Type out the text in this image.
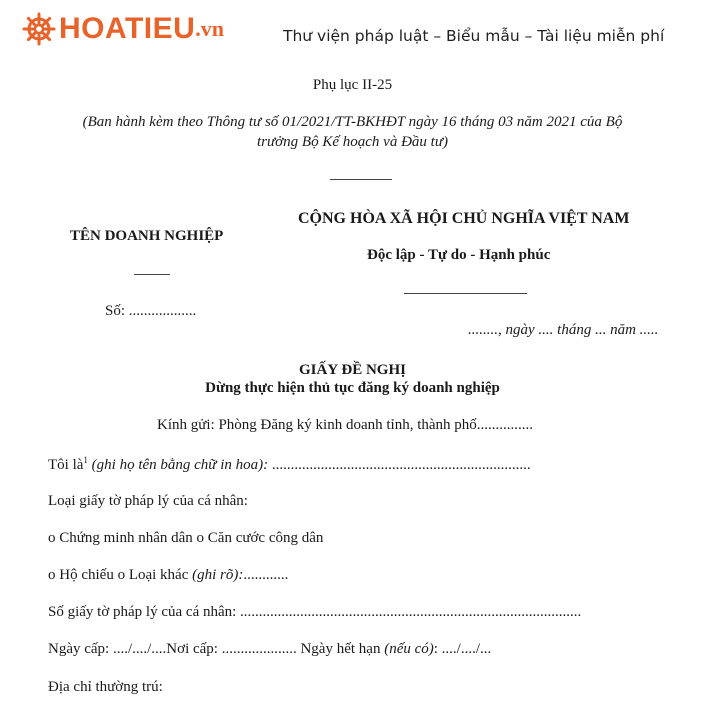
HOATIEU .vn	Thư viện pháp luật – Biểu mẫu – Tài liệu miễn phí
Phụ lục II-25
(Ban hành kèm theo Thông tư số 01/2021/TT-BKHĐT ngày 16 tháng 03 năm 2021 của Bộ
trưởng Bộ Kế hoạch và Đầu tư)
TÊN DOANH NGHIỆP
Số: ..................
CỘNG HÒA XÃ HỘI CHỦ NGHĨA VIỆT NAM
Độc lập - Tự do - Hạnh phúc
........, ngày .... tháng ... năm .....
GIẤY ĐỀ NGHỊ
Dừng thực hiện thủ tục đăng ký doanh nghiệp
Kính gửi: Phòng Đăng ký kinh doanh tỉnh, thành phố...............
Tôi $là^1$ (ghi họ tên bằng chữ in hoa): .....................................................................
Loại giấy tờ pháp lý của cá nhân:
o Chứng minh nhân dân o Căn cước công dân
o Hộ chiếu o Loại khác (ghi rõ):............
Số giấy tờ pháp lý của cá nhân: ...........................................................................................
Ngày cấp: ..../..../....Nơi cấp: .................... Ngày hết hạn (nếu có): ..../..../...
Địa chỉ thường trú:
